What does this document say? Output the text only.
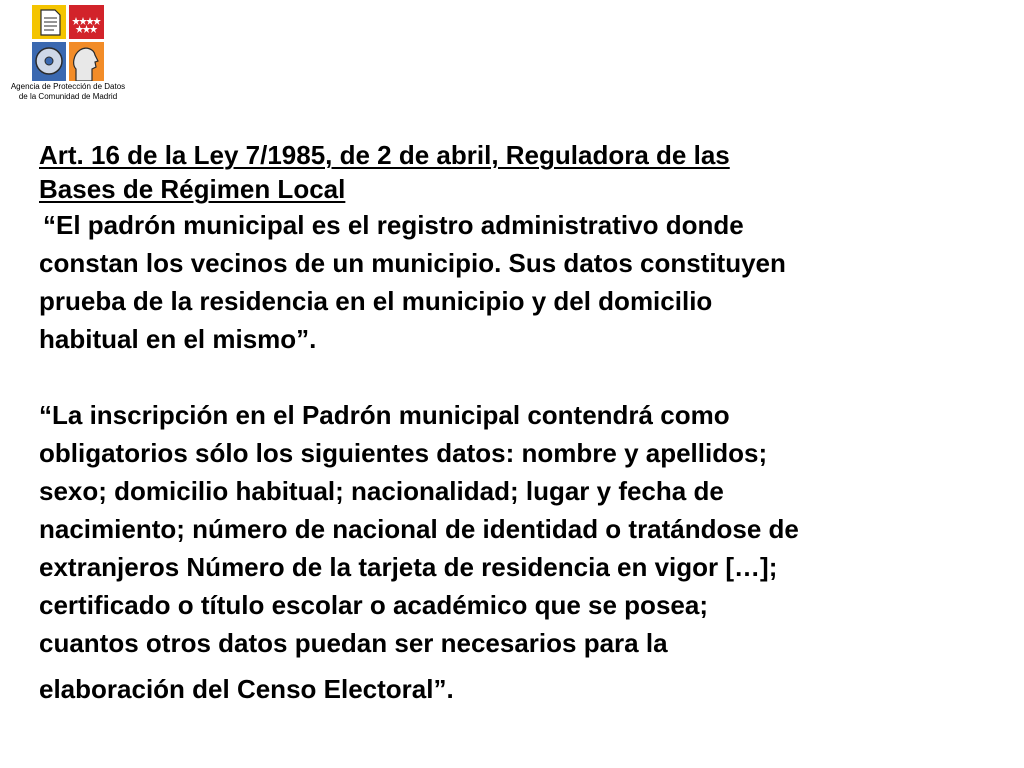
Agencia de Protección de Datos
de la Comunidad de Madrid
Art. 16 de la Ley 7/1985, de 2 de abril, Reguladora de las
Bases de Régimen Local

“El padrón municipal es el registro administrativo donde
constan los vecinos de un municipio. Sus datos constituyen
prueba de la residencia en el municipio y del domicilio
habitual en el mismo”.

“La inscripción en el Padrón municipal contendrá como
obligatorios sólo los siguientes datos: nombre y apellidos;
sexo; domicilio habitual; nacionalidad; lugar y fecha de
nacimiento; número de nacional de identidad o tratándose de
extranjeros Número de la tarjeta de residencia en vigor […];
certificado o título escolar o académico que se posea;
cuantos otros datos puedan ser necesarios para la
elaboración del Censo Electoral”.
